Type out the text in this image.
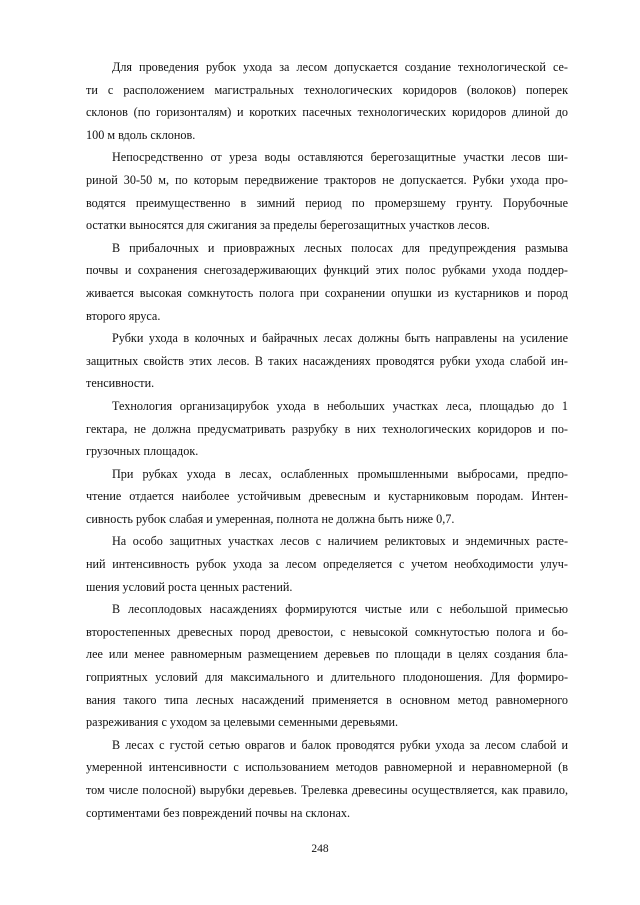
Для проведения рубок ухода за лесом допускается создание технологической се-
ти с расположением магистральных технологических коридоров (волоков) поперек
склонов (по горизонталям) и коротких пасечных технологических коридоров длиной до
100 м вдоль склонов.

Непосредственно от уреза воды оставляются берегозащитные участки лесов ши-
риной 30-50 м, по которым передвижение тракторов не допускается. Рубки ухода про-
водятся преимущественно в зимний период по промерзшему грунту. Порубочные
остатки выносятся для сжигания за пределы берегозащитных участков лесов.

В прибалочных и приовражных лесных полосах для предупреждения размыва
почвы и сохранения снегозадерживающих функций этих полос рубками ухода поддер-
живается высокая сомкнутость полога при сохранении опушки из кустарников и пород
второго яруса.

Рубки ухода в колочных и байрачных лесах должны быть направлены на усиление
защитных свойств этих лесов. В таких насаждениях проводятся рубки ухода слабой ин-
тенсивности.

Технология организацирубок ухода в небольших участках леса, площадью до 1
гектара, не должна предусматривать разрубку в них технологических коридоров и по-
грузочных площадок.

При рубках ухода в лесах, ослабленных промышленными выбросами, предпо-
чтение отдается наиболее устойчивым древесным и кустарниковым породам. Интен-
сивность рубок слабая и умеренная, полнота не должна быть ниже 0,7.

На особо защитных участках лесов с наличием реликтовых и эндемичных расте-
ний интенсивность рубок ухода за лесом определяется с учетом необходимости улуч-
шения условий роста ценных растений.

В лесоплодовых насаждениях формируются чистые или с небольшой примесью
второстепенных древесных пород древостои, с невысокой сомкнутостью полога и бо-
лее или менее равномерным размещением деревьев по площади в целях создания бла-
гоприятных условий для максимального и длительного плодоношения. Для формиро-
вания такого типа лесных насаждений применяется в основном метод равномерного
разреживания с уходом за целевыми семенными деревьями.

В лесах с густой сетью оврагов и балок проводятся рубки ухода за лесом слабой и
умеренной интенсивности с использованием методов равномерной и неравномерной (в
том числе полосной) вырубки деревьев. Трелевка древесины осуществляется, как правило,
сортиментами без повреждений почвы на склонах.

248
